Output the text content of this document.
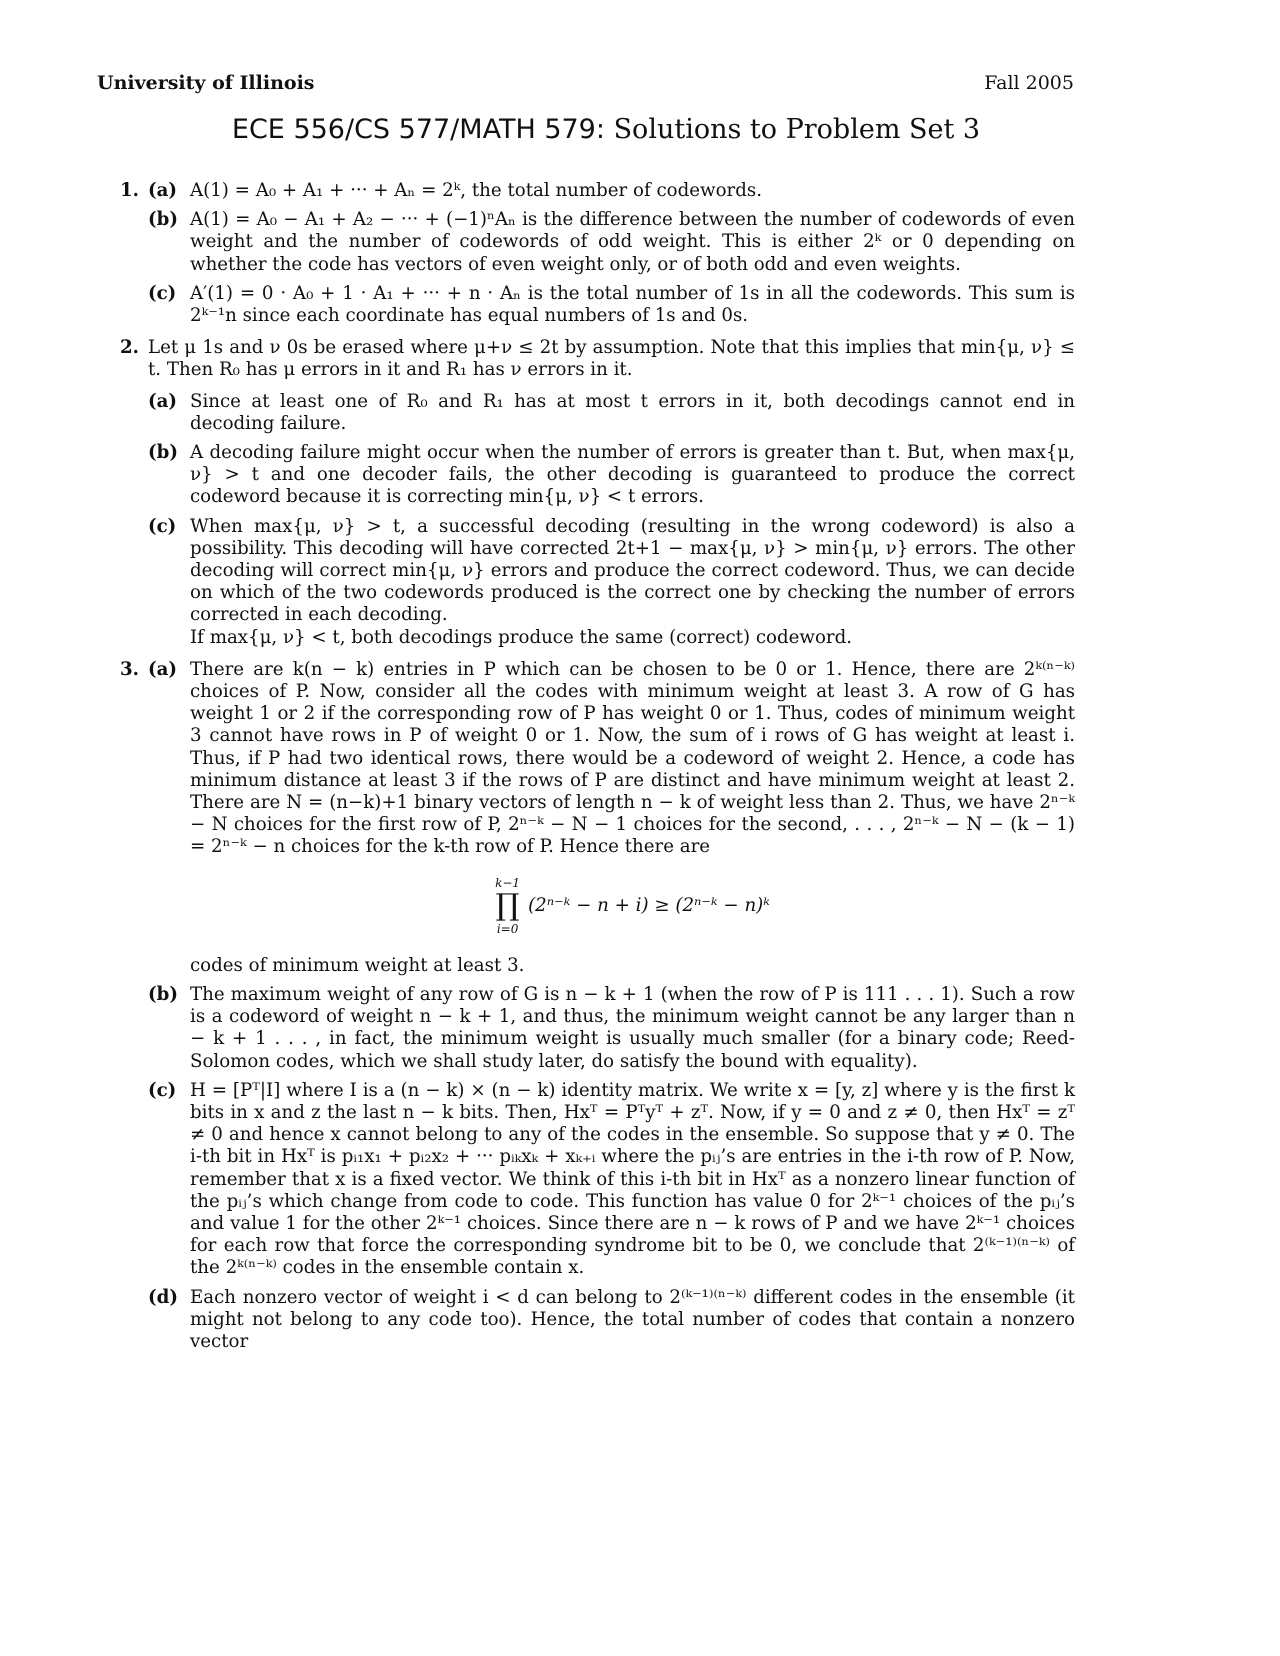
University of Illinois	Fall 2005
ECE 556/CS 577/MATH 579: Solutions to Problem Set 3
1. (a) A(1) = A₀ + A₁ + ··· + Aₙ = 2ᵏ, the total number of codewords.

(b) A(1) = A₀ − A₁ + A₂ − ··· + (−1)ⁿAₙ is the difference between the number of codewords of even weight and the number of codewords of odd weight. This is either 2ᵏ or 0 depending on whether the code has vectors of even weight only, or of both odd and even weights.

(c) A′(1) = 0 · A₀ + 1 · A₁ + ··· + n · Aₙ is the total number of 1s in all the codewords. This sum is 2ᵏ⁻¹n since each coordinate has equal numbers of 1s and 0s.

2. Let μ 1s and ν 0s be erased where μ+ν ≤ 2t by assumption. Note that this implies that min{μ, ν} ≤ t. Then R₀ has μ errors in it and R₁ has ν errors in it.
(a) Since at least one of R₀ and R₁ has at most t errors in it, both decodings cannot end in decoding failure.

(b) A decoding failure might occur when the number of errors is greater than t. But, when max{μ, ν} > t and one decoder fails, the other decoding is guaranteed to produce the correct codeword because it is correcting min{μ, ν} < t errors.

(c) When max{μ, ν} > t, a successful decoding (resulting in the wrong codeword) is also a possibility. This decoding will have corrected 2t+1 − max{μ, ν} > min{μ, ν} errors. The other decoding will correct min{μ, ν} errors and produce the correct codeword. Thus, we can decide on which of the two codewords produced is the correct one by checking the number of errors corrected in each decoding.

If max{μ, ν} < t, both decodings produce the same (correct) codeword.

3. (a) There are k(n − k) entries in P which can be chosen to be 0 or 1. Hence, there are 2ᵏ⁽ⁿ⁻ᵏ⁾ choices of P. Now, consider all the codes with minimum weight at least 3. A row of G has weight 1 or 2 if the corresponding row of P has weight 0 or 1. Thus, codes of minimum weight 3 cannot have rows in P of weight 0 or 1. Now, the sum of i rows of G has weight at least i. Thus, if P had two identical rows, there would be a codeword of weight 2. Hence, a code has minimum distance at least 3 if the rows of P are distinct and have minimum weight at least 2. There are N = (n−k)+1 binary vectors of length n − k of weight less than 2. Thus, we have 2ⁿ⁻ᵏ − N choices for the first row of P, 2ⁿ⁻ᵏ − N − 1 choices for the second, . . . , 2ⁿ⁻ᵏ − N − (k − 1) = 2ⁿ⁻ᵏ − n choices for the k-th row of P. Hence there are

k−1
∏
i=0
(2ⁿ⁻ᵏ − n + i) ≥ (2ⁿ⁻ᵏ − n)ᵏ

codes of minimum weight at least 3.

(b) The maximum weight of any row of G is n − k + 1 (when the row of P is 111 . . . 1). Such a row is a codeword of weight n − k + 1, and thus, the minimum weight cannot be any larger than n − k + 1 . . . , in fact, the minimum weight is usually much smaller (for a binary code; Reed-Solomon codes, which we shall study later, do satisfy the bound with equality).

(c) H = [Pᵀ|I] where I is a (n − k) × (n − k) identity matrix. We write x = [y, z] where y is the first k bits in x and z the last n − k bits. Then, Hxᵀ = Pᵀyᵀ + zᵀ. Now, if y = 0 and z ≠ 0, then Hxᵀ = zᵀ ≠ 0 and hence x cannot belong to any of the codes in the ensemble. So suppose that y ≠ 0. The i-th bit in Hxᵀ is pᵢ₁x₁ + pᵢ₂x₂ + ··· pᵢₖxₖ + xₖ₊ᵢ where the pᵢⱼ’s are entries in the i-th row of P. Now, remember that x is a fixed vector. We think of this i-th bit in Hxᵀ as a nonzero linear function of the pᵢⱼ’s which change from code to code. This function has value 0 for 2ᵏ⁻¹ choices of the pᵢⱼ’s and value 1 for the other 2ᵏ⁻¹ choices. Since there are n − k rows of P and we have 2ᵏ⁻¹ choices for each row that force the corresponding syndrome bit to be 0, we conclude that 2⁽ᵏ⁻¹⁾⁽ⁿ⁻ᵏ⁾ of the 2ᵏ⁽ⁿ⁻ᵏ⁾ codes in the ensemble contain x.

(d) Each nonzero vector of weight i < d can belong to 2⁽ᵏ⁻¹⁾⁽ⁿ⁻ᵏ⁾ different codes in the ensemble (it might not belong to any code too). Hence, the total number of codes that contain a nonzero vector
